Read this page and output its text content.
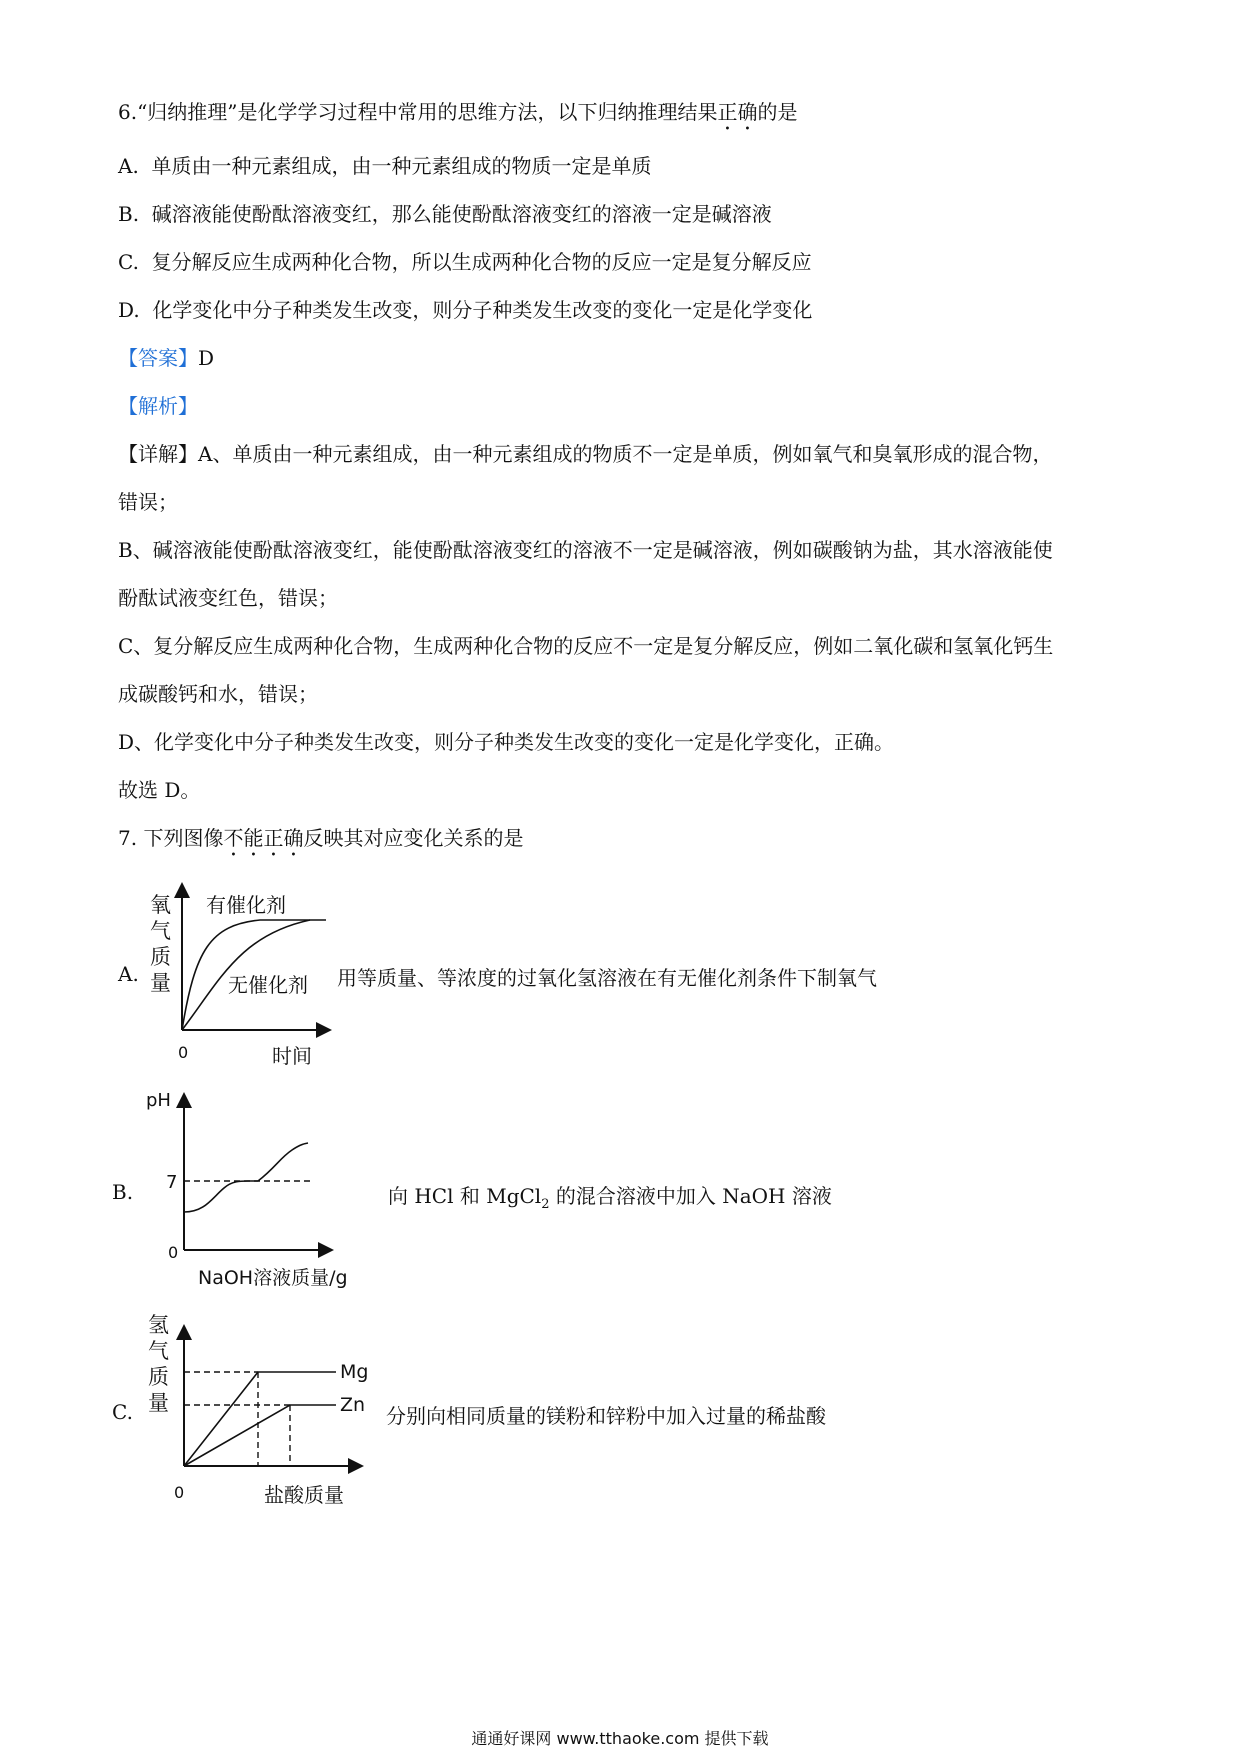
6.“归纳推理”是化学学习过程中常用的思维方法，以下归纳推理结果正确的是
A. 单质由一种元素组成，由一种元素组成的物质一定是单质
B. 碱溶液能使酚酞溶液变红，那么能使酚酞溶液变红的溶液一定是碱溶液
C. 复分解反应生成两种化合物，所以生成两种化合物的反应一定是复分解反应
D. 化学变化中分子种类发生改变，则分子种类发生改变的变化一定是化学变化
【答案】D
【解析】
【详解】A、单质由一种元素组成，由一种元素组成的物质不一定是单质，例如氧气和臭氧形成的混合物，
错误；
B、碱溶液能使酚酞溶液变红，能使酚酞溶液变红的溶液不一定是碱溶液，例如碳酸钠为盐，其水溶液能使
酚酞试液变红色，错误；
C、复分解反应生成两种化合物，生成两种化合物的反应不一定是复分解反应，例如二氧化碳和氢氧化钙生
成碳酸钙和水，错误；
D、化学变化中分子种类发生改变，则分子种类发生改变的变化一定是化学变化，正确。
故选 D。
7. 下列图像不能正确反映其对应变化关系的是
A.
氧
气
质
量
有催化剂
无催化剂
0	时间
用等质量、等浓度的过氧化氢溶液在有无催化剂条件下制氧气
B.
pH
7
0
NaOH溶液质量/g
向 HCl 和 MgCl$_2$ 的混合溶液中加入 NaOH 溶液
C.
Mg
Zn
氢
气
质
量
0	盐酸质量
分别向相同质量的镁粉和锌粉中加入过量的稀盐酸
通通好课网 www.tthaoke.com 提供下载
